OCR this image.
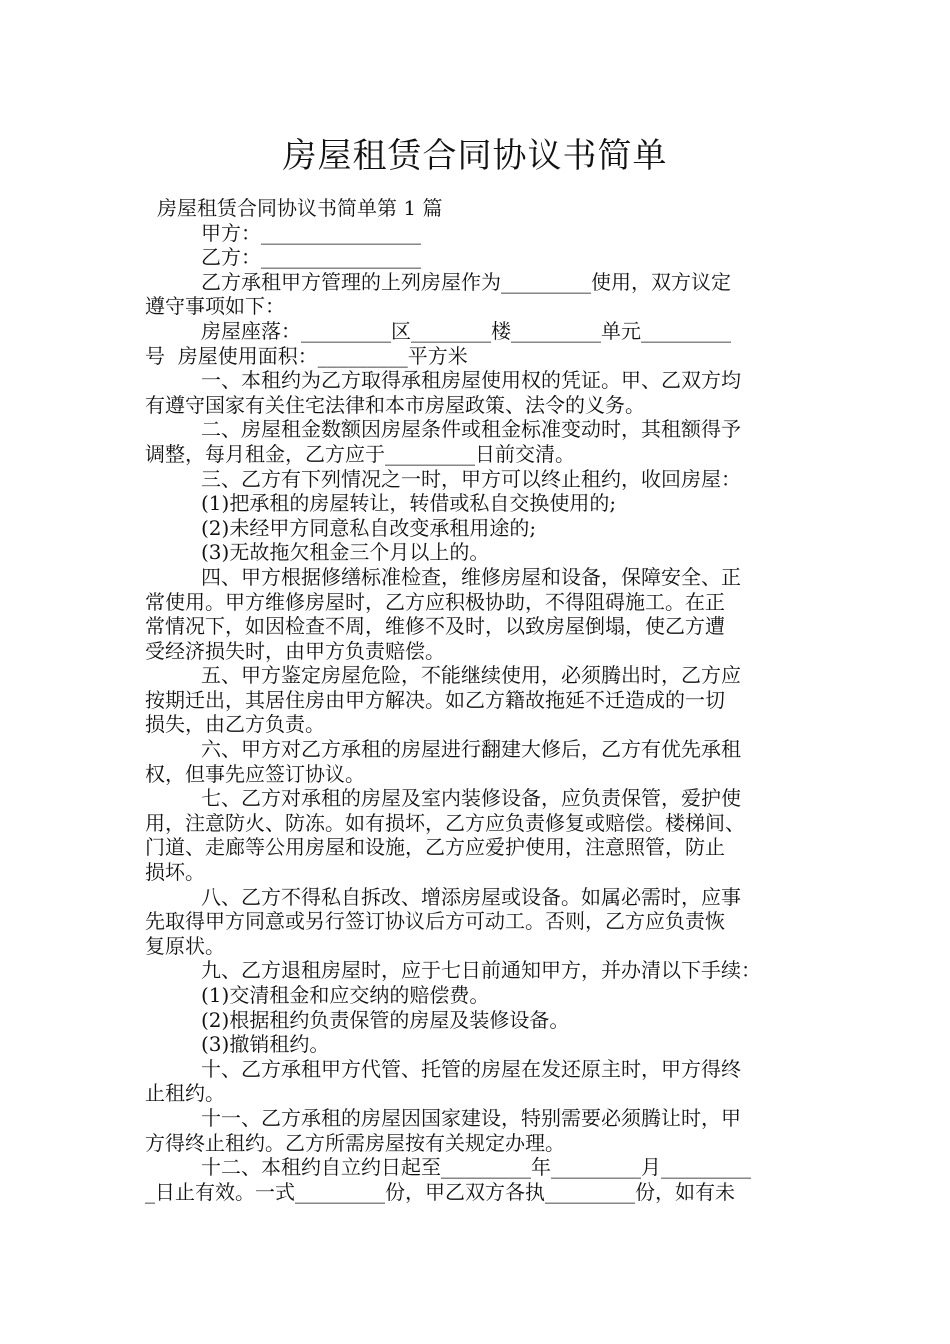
房屋租赁合同协议书简单

房屋租赁合同协议书简单第 1 篇

甲方：________________

乙方：________________

乙方承租甲方管理的上列房屋作为_________使用，双方议定

遵守事项如下：

房屋座落：_________区________楼_________单元_________

号  房屋使用面积：_________平方米

一、本租约为乙方取得承租房屋使用权的凭证。甲、乙双方均

有遵守国家有关住宅法律和本市房屋政策、法令的义务。

二、房屋租金数额因房屋条件或租金标准变动时，其租额得予

调整，每月租金，乙方应于_________日前交清。

三、乙方有下列情况之一时，甲方可以终止租约，收回房屋：

(1)把承租的房屋转让，转借或私自交换使用的;

(2)未经甲方同意私自改变承租用途的;

(3)无故拖欠租金三个月以上的。

四、甲方根据修缮标准检查，维修房屋和设备，保障安全、正

常使用。甲方维修房屋时，乙方应积极协助，不得阻碍施工。在正

常情况下，如因检查不周，维修不及时，以致房屋倒塌，使乙方遭

受经济损失时，由甲方负责赔偿。

五、甲方鉴定房屋危险，不能继续使用，必须腾出时，乙方应

按期迁出，其居住房由甲方解决。如乙方籍故拖延不迁造成的一切

损失，由乙方负责。

六、甲方对乙方承租的房屋进行翻建大修后，乙方有优先承租

权，但事先应签订协议。

七、乙方对承租的房屋及室内装修设备，应负责保管，爱护使

用，注意防火、防冻。如有损坏，乙方应负责修复或赔偿。楼梯间、

门道、走廊等公用房屋和设施，乙方应爱护使用，注意照管，防止

损坏。

八、乙方不得私自拆改、增添房屋或设备。如属必需时，应事

先取得甲方同意或另行签订协议后方可动工。否则，乙方应负责恢

复原状。

九、乙方退租房屋时，应于七日前通知甲方，并办清以下手续：

(1)交清租金和应交纳的赔偿费。

(2)根据租约负责保管的房屋及装修设备。

(3)撤销租约。

十、乙方承租甲方代管、托管的房屋在发还原主时，甲方得终

止租约。

十一、乙方承租的房屋因国家建设，特别需要必须腾让时，甲

方得终止租约。乙方所需房屋按有关规定办理。

十二、本租约自立约日起至_________年_________月_________

_日止有效。一式_________份，甲乙双方各执_________份，如有未
